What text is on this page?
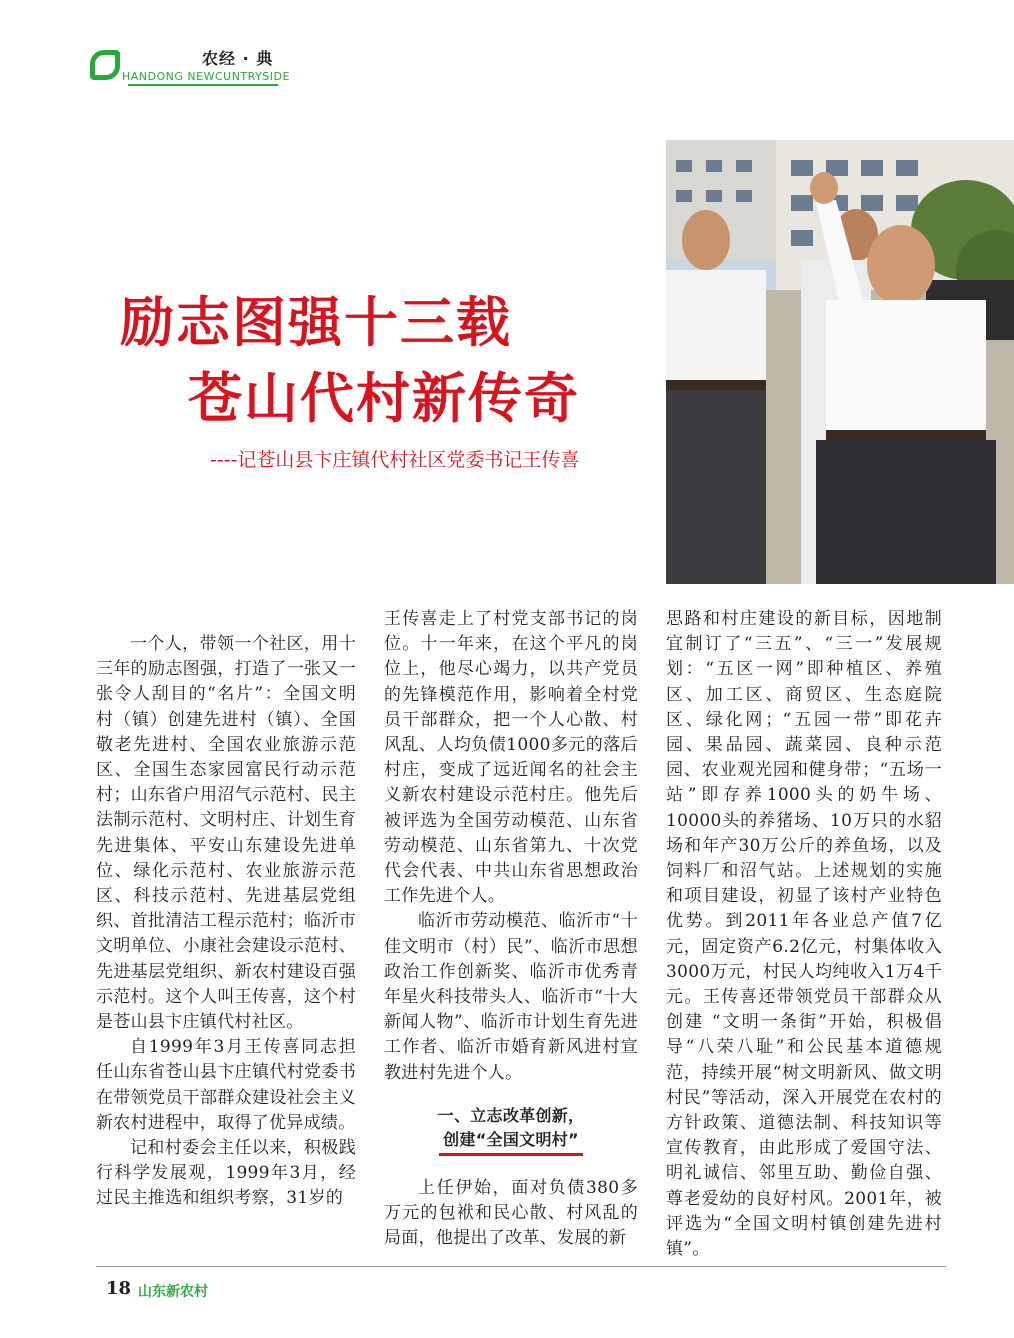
农经 · 典
HANDONG NEWCUNTRYSIDE
励志图强十三载
苍山代村新传奇
----记苍山县卞庄镇代村社区党委书记王传喜

一个人，带领一个社区，用十三年的励志图强，打造了一张又一张令人刮目的“名片”：全国文明村（镇）创建先进村（镇）、全国敬老先进村、全国农业旅游示范区、全国生态家园富民行动示范村；山东省户用沼气示范村、民主法制示范村、文明村庄、计划生育先进集体、平安山东建设先进单位、绿化示范村、农业旅游示范区、科技示范村、先进基层党组织、首批清洁工程示范村；临沂市文明单位、小康社会建设示范村、先进基层党组织、新农村建设百强示范村。这个人叫王传喜，这个村是苍山县卞庄镇代村社区。

自1999年3月王传喜同志担任山东省苍山县卞庄镇代村党委书在带领党员干部群众建设社会主义新农村进程中，取得了优异成绩。

记和村委会主任以来，积极践行科学发展观，1999年3月，经过民主推选和组织考察，31岁的

王传喜走上了村党支部书记的岗位。十一年来，在这个平凡的岗位上，他尽心竭力，以共产党员的先锋模范作用，影响着全村党员干部群众，把一个人心散、村风乱、人均负债1000多元的落后村庄，变成了远近闻名的社会主义新农村建设示范村庄。他先后被评选为全国劳动模范、山东省劳动模范、山东省第九、十次党代会代表、中共山东省思想政治工作先进个人。

临沂市劳动模范、临沂市“十佳文明市（村）民”、临沂市思想政治工作创新奖、临沂市优秀青年星火科技带头人、临沂市“十大新闻人物”、临沂市计划生育先进工作者、临沂市婚育新风进村宣教进村先进个人。

一、立志改革创新，
创建“全国文明村”

上任伊始，面对负债380多万元的包袱和民心散、村风乱的局面，他提出了改革、发展的新

思路和村庄建设的新目标，因地制宜制订了“三五”、“三一”发展规划：“五区一网”即种植区、养殖区、加工区、商贸区、生态庭院区、绿化网；“五园一带”即花卉园、果品园、蔬菜园、良种示范园、农业观光园和健身带；“五场一站”即存养1000头的奶牛场、10000头的养猪场、10万只的水貂场和年产30万公斤的养鱼场，以及饲料厂和沼气站。上述规划的实施和项目建设，初显了该村产业特色优势。到2011年各业总产值7亿元，固定资产6.2亿元，村集体收入3000万元，村民人均纯收入1万4千元。王传喜还带领党员干部群众从创建 “文明一条街”开始，积极倡导“八荣八耻”和公民基本道德规范，持续开展“树文明新风、做文明村民”等活动，深入开展党在农村的方针政策、道德法制、科技知识等宣传教育，由此形成了爱国守法、明礼诚信、邻里互助、勤俭自强、尊老爱幼的良好村风。2001年，被评选为“全国文明村镇创建先进村镇”。

18 山东新农村
